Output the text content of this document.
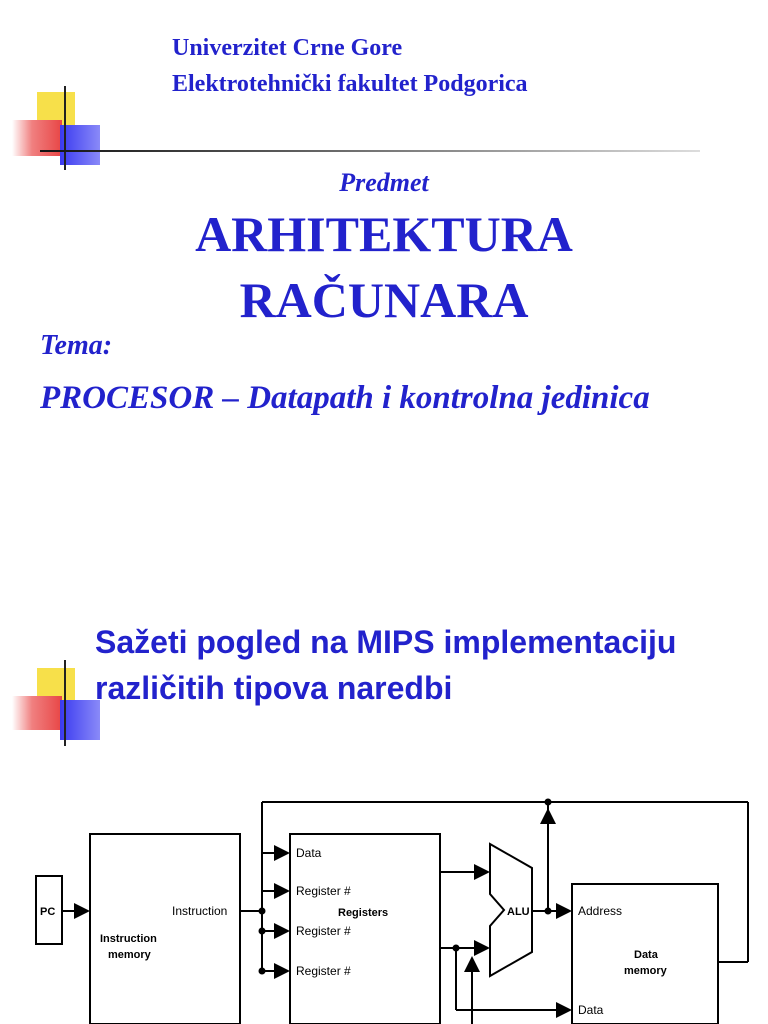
Univerzitet Crne Gore
Elektrotehnički fakultet Podgorica
Predmet
ARHITEKTURA
RAČUNARA
Tema:
PROCESOR – Datapath i kontrolna jedinica
Sažeti pogled na MIPS implementaciju
različitih tipova naredbi
PC	Instruction
Instruction
memory
Data
Register #
Registers
Register #
Register #
ALU	Address
Data
memory
Data
